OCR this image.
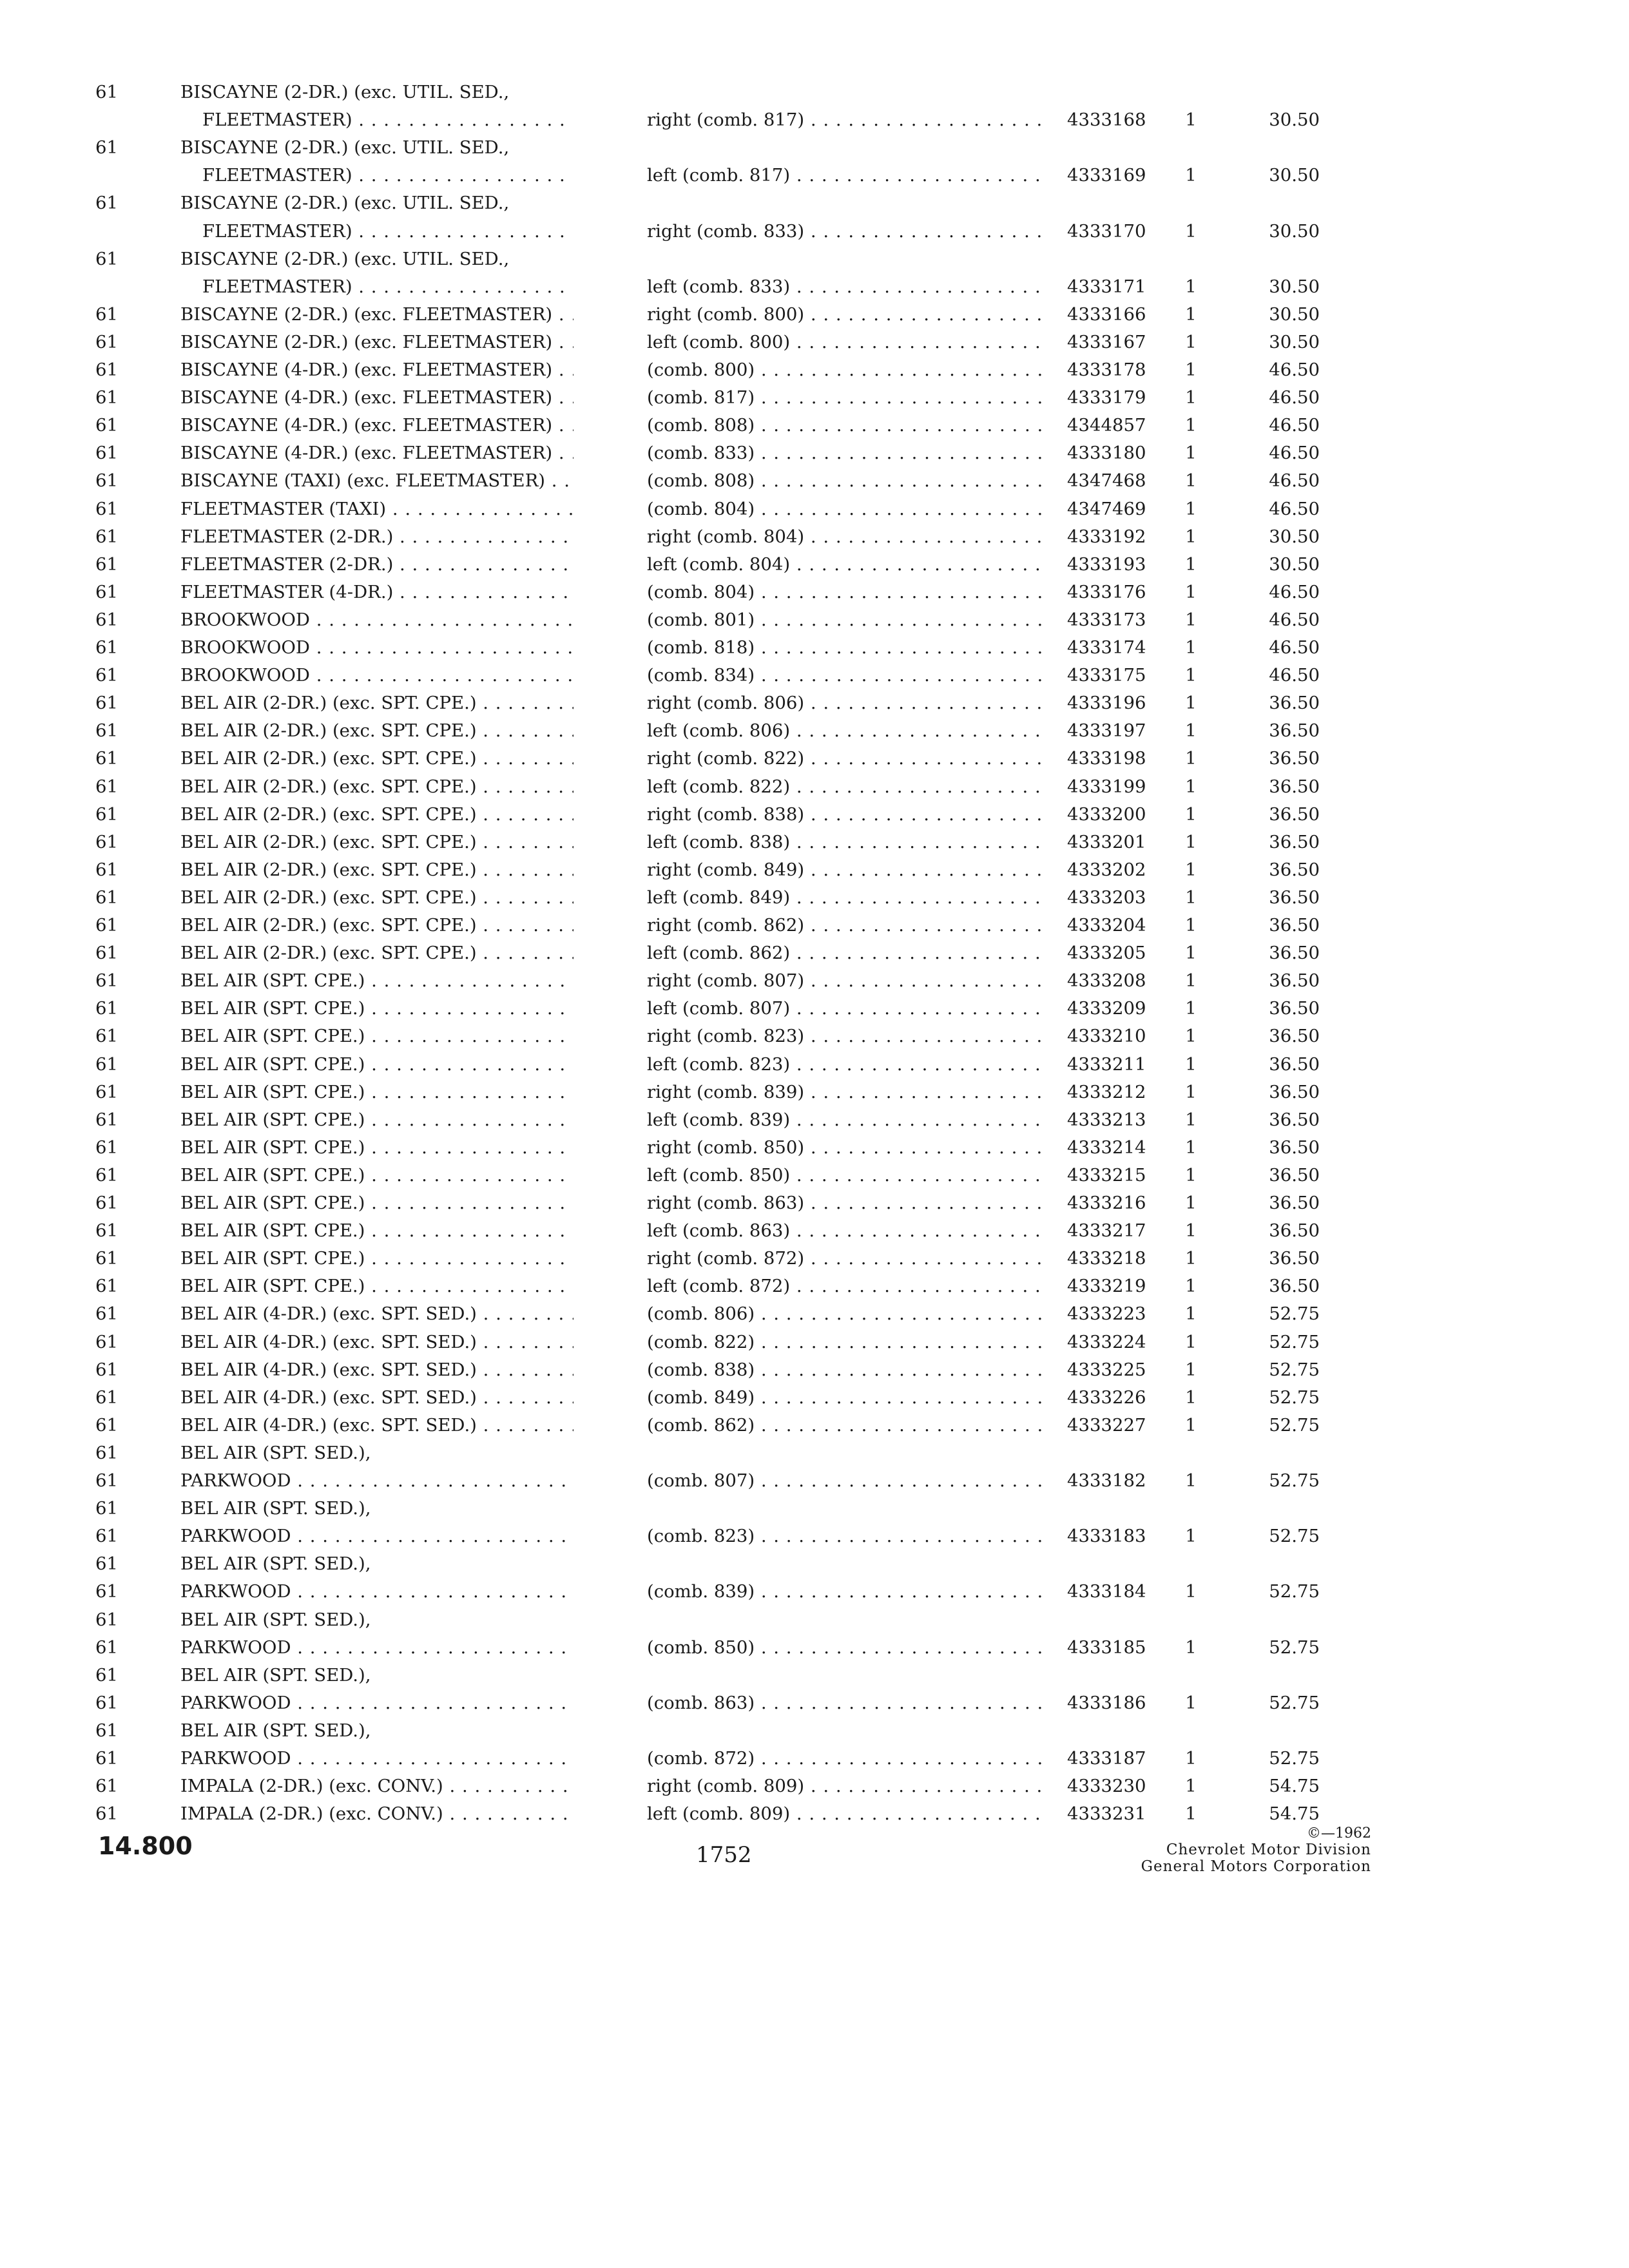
61	BISCAYNE (2-DR.) (exc. UTIL. SED.,
FLEETMASTER) . . .	right (comb. 817) . . .	4333168	1	30.50
61	BISCAYNE (2-DR.) (exc. UTIL. SED.,
FLEETMASTER) . . .	left (comb. 817) . . .	4333169	1	30.50
61	BISCAYNE (2-DR.) (exc. UTIL. SED.,
FLEETMASTER) . . .	right (comb. 833) . . .	4333170	1	30.50
61	BISCAYNE (2-DR.) (exc. UTIL. SED.,
FLEETMASTER) . . .	left (comb. 833) . . .	4333171	1	30.50
61	BISCAYNE (2-DR.) (exc. FLEETMASTER) . . .	right (comb. 800) . . .	4333166	1	30.50
61	BISCAYNE (2-DR.) (exc. FLEETMASTER) . . .	left (comb. 800) . . .	4333167	1	30.50
61	BISCAYNE (4-DR.) (exc. FLEETMASTER) . . .	(comb. 800) . . .	4333178	1	46.50
61	BISCAYNE (4-DR.) (exc. FLEETMASTER) . . .	(comb. 817) . . .	4333179	1	46.50
61	BISCAYNE (4-DR.) (exc. FLEETMASTER) . . .	(comb. 808) . . .	4344857	1	46.50
61	BISCAYNE (4-DR.) (exc. FLEETMASTER) . . .	(comb. 833) . . .	4333180	1	46.50
61	BISCAYNE (TAXI) (exc. FLEETMASTER) . . .	(comb. 808) . . .	4347468	1	46.50
61	FLEETMASTER (TAXI) . . .	(comb. 804) . . .	4347469	1	46.50
61	FLEETMASTER (2-DR.) . . .	right (comb. 804) . . .	4333192	1	30.50
61	FLEETMASTER (2-DR.) . . .	left (comb. 804) . . .	4333193	1	30.50
61	FLEETMASTER (4-DR.) . . .	(comb. 804) . . .	4333176	1	46.50
61	BROOKWOOD . . .	(comb. 801) . . .	4333173	1	46.50
61	BROOKWOOD . . .	(comb. 818) . . .	4333174	1	46.50
61	BROOKWOOD . . .	(comb. 834) . . .	4333175	1	46.50
61	BEL AIR (2-DR.) (exc. SPT. CPE.) . . .	right (comb. 806) . . .	4333196	1	36.50
61	BEL AIR (2-DR.) (exc. SPT. CPE.) . . .	left (comb. 806) . . .	4333197	1	36.50
61	BEL AIR (2-DR.) (exc. SPT. CPE.) . . .	right (comb. 822) . . .	4333198	1	36.50
61	BEL AIR (2-DR.) (exc. SPT. CPE.) . . .	left (comb. 822) . . .	4333199	1	36.50
61	BEL AIR (2-DR.) (exc. SPT. CPE.) . . .	right (comb. 838) . . .	4333200	1	36.50
61	BEL AIR (2-DR.) (exc. SPT. CPE.) . . .	left (comb. 838) . . .	4333201	1	36.50
61	BEL AIR (2-DR.) (exc. SPT. CPE.) . . .	right (comb. 849) . . .	4333202	1	36.50
61	BEL AIR (2-DR.) (exc. SPT. CPE.) . . .	left (comb. 849) . . .	4333203	1	36.50
61	BEL AIR (2-DR.) (exc. SPT. CPE.) . . .	right (comb. 862) . . .	4333204	1	36.50
61	BEL AIR (2-DR.) (exc. SPT. CPE.) . . .	left (comb. 862) . . .	4333205	1	36.50
61	BEL AIR (SPT. CPE.) . . .	right (comb. 807) . . .	4333208	1	36.50
61	BEL AIR (SPT. CPE.) . . .	left (comb. 807) . . .	4333209	1	36.50
61	BEL AIR (SPT. CPE.) . . .	right (comb. 823) . . .	4333210	1	36.50
61	BEL AIR (SPT. CPE.) . . .	left (comb. 823) . . .	4333211	1	36.50
61	BEL AIR (SPT. CPE.) . . .	right (comb. 839) . . .	4333212	1	36.50
61	BEL AIR (SPT. CPE.) . . .	left (comb. 839) . . .	4333213	1	36.50
61	BEL AIR (SPT. CPE.) . . .	right (comb. 850) . . .	4333214	1	36.50
61	BEL AIR (SPT. CPE.) . . .	left (comb. 850) . . .	4333215	1	36.50
61	BEL AIR (SPT. CPE.) . . .	right (comb. 863) . . .	4333216	1	36.50
61	BEL AIR (SPT. CPE.) . . .	left (comb. 863) . . .	4333217	1	36.50
61	BEL AIR (SPT. CPE.) . . .	right (comb. 872) . . .	4333218	1	36.50
61	BEL AIR (SPT. CPE.) . . .	left (comb. 872) . . .	4333219	1	36.50
61	BEL AIR (4-DR.) (exc. SPT. SED.) . . .	(comb. 806) . . .	4333223	1	52.75
61	BEL AIR (4-DR.) (exc. SPT. SED.) . . .	(comb. 822) . . .	4333224	1	52.75
61	BEL AIR (4-DR.) (exc. SPT. SED.) . . .	(comb. 838) . . .	4333225	1	52.75
61	BEL AIR (4-DR.) (exc. SPT. SED.) . . .	(comb. 849) . . .	4333226	1	52.75
61	BEL AIR (4-DR.) (exc. SPT. SED.) . . .	(comb. 862) . . .	4333227	1	52.75
61	BEL AIR (SPT. SED.),
61	PARKWOOD . . .	(comb. 807) . . .	4333182	1	52.75
61	BEL AIR (SPT. SED.),
61	PARKWOOD . . .	(comb. 823) . . .	4333183	1	52.75
61	BEL AIR (SPT. SED.),
61	PARKWOOD . . .	(comb. 839) . . .	4333184	1	52.75
61	BEL AIR (SPT. SED.),
61	PARKWOOD . . .	(comb. 850) . . .	4333185	1	52.75
61	BEL AIR (SPT. SED.),
61	PARKWOOD . . .	(comb. 863) . . .	4333186	1	52.75
61	BEL AIR (SPT. SED.),
61	PARKWOOD . . .	(comb. 872) . . .	4333187	1	52.75
61	IMPALA (2-DR.) (exc. CONV.) . . .	right (comb. 809) . . .	4333230	1	54.75
61	IMPALA (2-DR.) (exc. CONV.) . . .	left (comb. 809) . . .	4333231	1	54.75
14.800	1752
©—1962
Chevrolet Motor Division
General Motors Corporation
